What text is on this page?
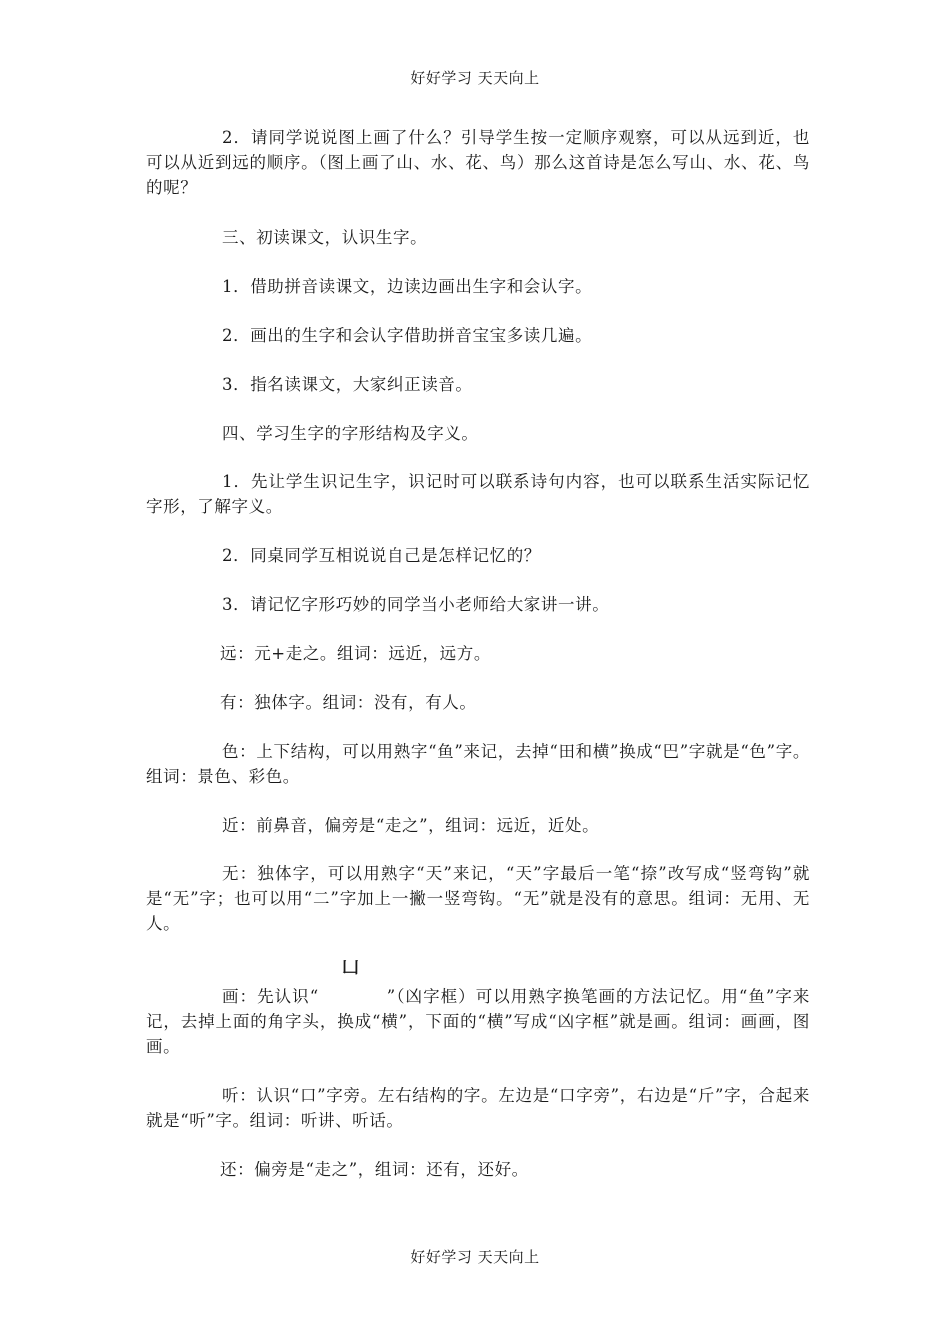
好好学习 天天向上

2．请同学说说图上画了什么？引导学生按一定顺序观察，可以从远到近，也可以从近到远的顺序。（图上画了山、水、花、鸟）那么这首诗是怎么写山、水、花、鸟的呢？

三、初读课文，认识生字。

1．借助拼音读课文，边读边画出生字和会认字。

2．画出的生字和会认字借助拼音宝宝多读几遍。

3．指名读课文，大家纠正读音。

四、学习生字的字形结构及字义。

1．先让学生识记生字，识记时可以联系诗句内容，也可以联系生活实际记忆字形，了解字义。

2．同桌同学互相说说自己是怎样记忆的？

3．请记忆字形巧妙的同学当小老师给大家讲一讲。

远：元+走之。组词：远近，远方。

有：独体字。组词：没有，有人。

色：上下结构，可以用熟字“鱼”来记，去掉“田和横”换成“巴”字就是“色”字。组词：景色、彩色。

近：前鼻音，偏旁是“走之”，组词：远近，近处。

无：独体字，可以用熟字“天”来记，“天”字最后一笔“捺”改写成“竖弯钩”就是“无”字；也可以用“二”字加上一撇一竖弯钩。“无”就是没有的意思。组词：无用、无人。

凵

画：先认识“	”（凶字框）可以用熟字换笔画的方法记忆。用“鱼”字来记，去掉上面的角字头，换成“横”，下面的“横”写成“凶字框”就是画。组词：画画，图画。

听：认识“口”字旁。左右结构的字。左边是“口字旁”，右边是“斤”字，合起来就是“听”字。组词：听讲、听话。

还：偏旁是“走之”，组词：还有，还好。

好好学习 天天向上
